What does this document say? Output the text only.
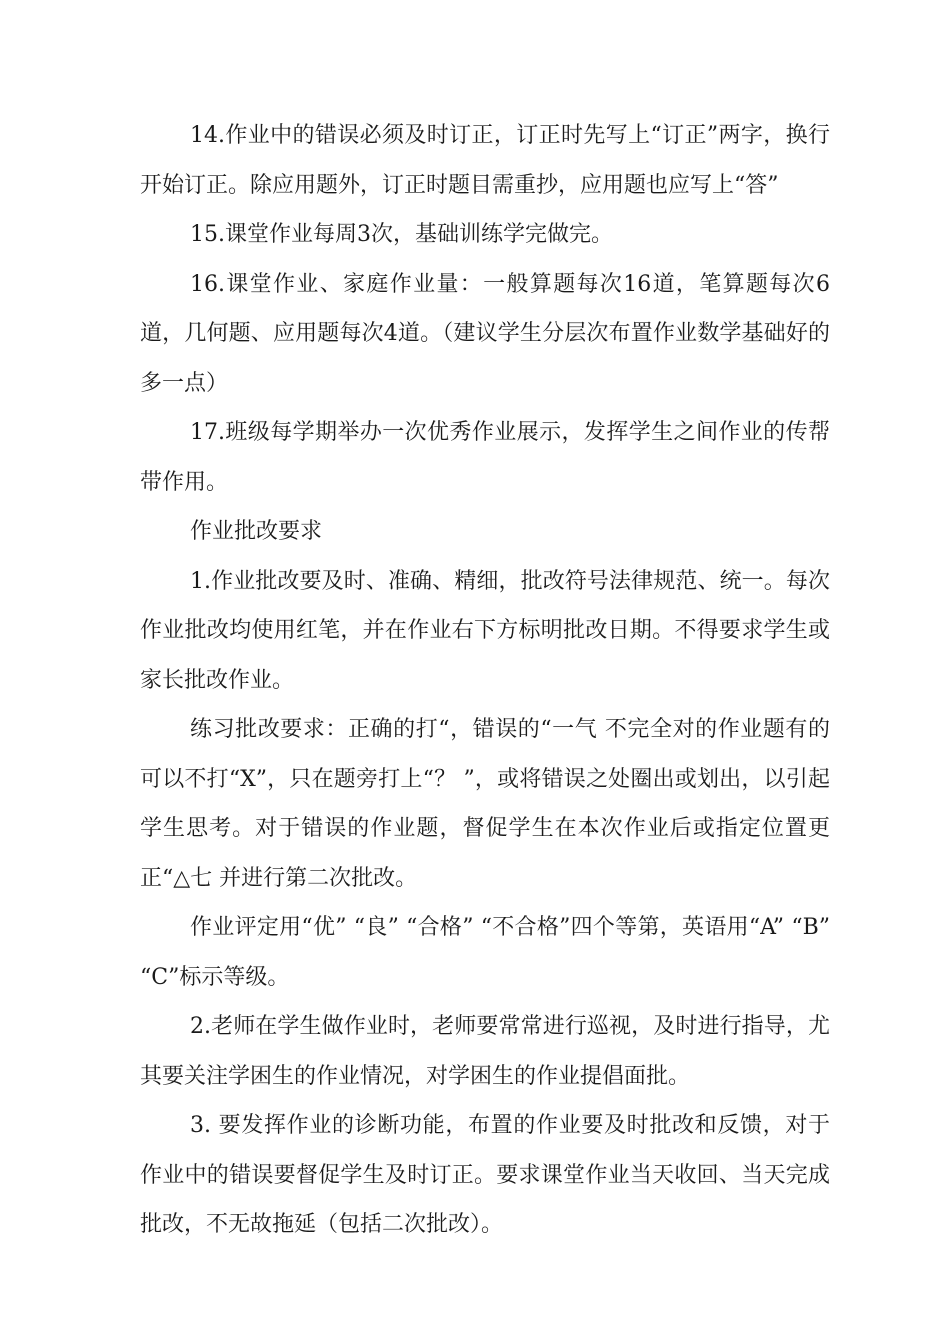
14.作业中的错误必须及时订正，订正时先写上“订正”两字，换行开始订正。除应用题外，订正时题目需重抄，应用题也应写上“答”

15.课堂作业每周3次，基础训练学完做完。

16.课堂作业、家庭作业量：一般算题每次16道，笔算题每次6道，几何题、应用题每次4道。（建议学生分层次布置作业数学基础好的多一点）

17.班级每学期举办一次优秀作业展示，发挥学生之间作业的传帮带作用。

作业批改要求

1.作业批改要及时、准确、精细，批改符号法律规范、统一。每次作业批改均使用红笔，并在作业右下方标明批改日期。不得要求学生或家长批改作业。

练习批改要求：正确的打“，错误的“一气 不完全对的作业题有的可以不打“X”，只在题旁打上“？ ”，或将错误之处圈出或划出，以引起学生思考。对于错误的作业题，督促学生在本次作业后或指定位置更正“△七 并进行第二次批改。

作业评定用“优” “良” “合格” “不合格”四个等第，英语用“A” “B” “C”标示等级。

2.老师在学生做作业时，老师要常常进行巡视，及时进行指导，尤其要关注学困生的作业情况，对学困生的作业提倡面批。

3. 要发挥作业的诊断功能，布置的作业要及时批改和反馈，对于作业中的错误要督促学生及时订正。要求课堂作业当天收回、当天完成批改，不无故拖延（包括二次批改）。
